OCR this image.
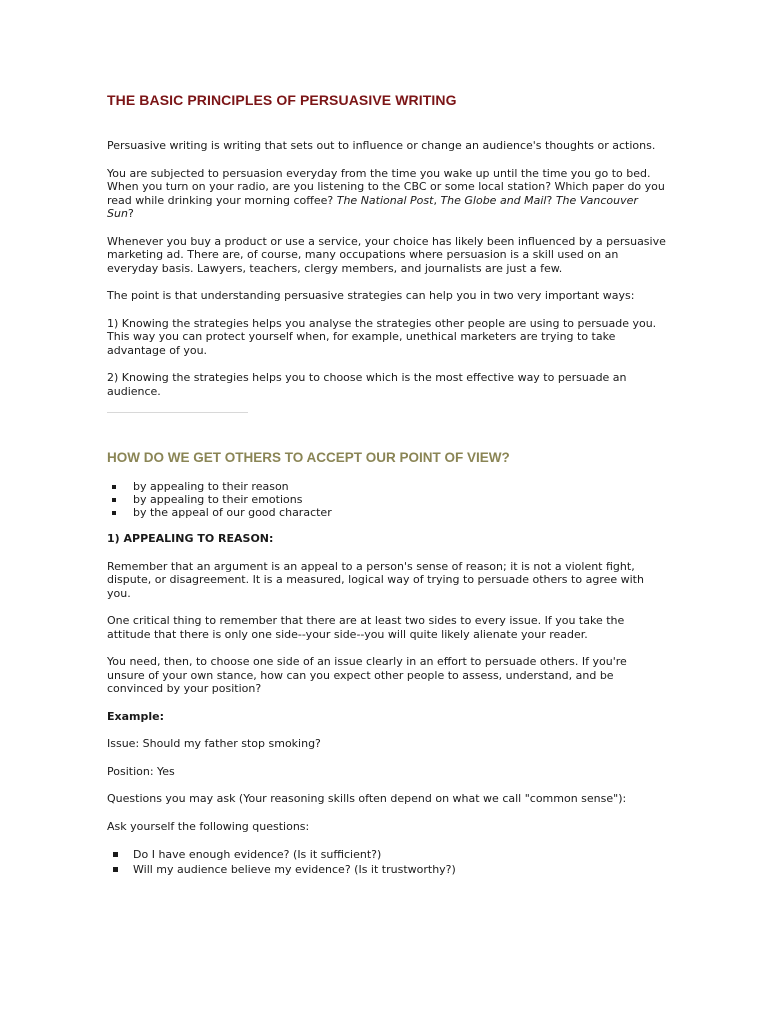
THE BASIC PRINCIPLES OF PERSUASIVE WRITING

Persuasive writing is writing that sets out to influence or change an audience's thoughts or actions.

You are subjected to persuasion everyday from the time you wake up until the time you go to bed. When you turn on your radio, are you listening to the CBC or some local station? Which paper do you read while drinking your morning coffee? The National Post, The Globe and Mail? The Vancouver Sun?

Whenever you buy a product or use a service, your choice has likely been influenced by a persuasive marketing ad. There are, of course, many occupations where persuasion is a skill used on an everyday basis. Lawyers, teachers, clergy members, and journalists are just a few.

The point is that understanding persuasive strategies can help you in two very important ways:

1) Knowing the strategies helps you analyse the strategies other people are using to persuade you. This way you can protect yourself when, for example, unethical marketers are trying to take advantage of you.

2) Knowing the strategies helps you to choose which is the most effective way to persuade an audience.

HOW DO WE GET OTHERS TO ACCEPT OUR POINT OF VIEW?
by appealing to their reason
by appealing to their emotions
by the appeal of our good character

1) APPEALING TO REASON:

Remember that an argument is an appeal to a person's sense of reason; it is not a violent fight, dispute, or disagreement. It is a measured, logical way of trying to persuade others to agree with you.

One critical thing to remember that there are at least two sides to every issue. If you take the attitude that there is only one side--your side--you will quite likely alienate your reader.

You need, then, to choose one side of an issue clearly in an effort to persuade others. If you're unsure of your own stance, how can you expect other people to assess, understand, and be convinced by your position?

Example:

Issue: Should my father stop smoking?

Position: Yes

Questions you may ask (Your reasoning skills often depend on what we call "common sense"):

Ask yourself the following questions:

Do I have enough evidence? (Is it sufficient?)
Will my audience believe my evidence? (Is it trustworthy?)
